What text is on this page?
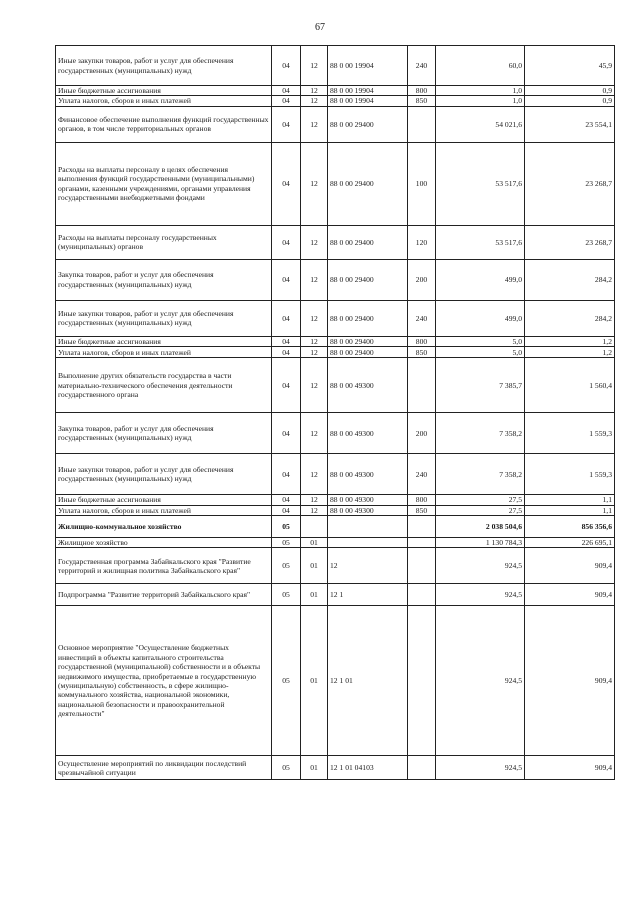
67
Иные закупки товаров, работ и услуг для обеспечения государственных (муниципальных) нужд	04	12	88 0 00 19904	240	60,0	45,9
Иные бюджетные ассигнования	04	12	88 0 00 19904	800	1,0	0,9
Уплата налогов, сборов и иных платежей	04	12	88 0 00 19904	850	1,0	0,9
Финансовое обеспечение выполнения функций государственных органов, в том числе территориальных органов	04	12	88 0 00 29400		54 021,6	23 554,1
Расходы на выплаты персоналу в целях обеспечения выполнения функций государственными (муниципальными) органами, казенными учреждениями, органами управления государственными внебюджетными фондами	04	12	88 0 00 29400	100	53 517,6	23 268,7
Расходы на выплаты персоналу государственных (муниципальных) органов	04	12	88 0 00 29400	120	53 517,6	23 268,7
Закупка товаров, работ и услуг для обеспечения государственных (муниципальных) нужд	04	12	88 0 00 29400	200	499,0	284,2
Иные закупки товаров, работ и услуг для обеспечения государственных (муниципальных) нужд	04	12	88 0 00 29400	240	499,0	284,2
Иные бюджетные ассигнования	04	12	88 0 00 29400	800	5,0	1,2
Уплата налогов, сборов и иных платежей	04	12	88 0 00 29400	850	5,0	1,2
Выполнение других обязательств государства в части материально-технического обеспечения деятельности государственного органа	04	12	88 0 00 49300		7 385,7	1 560,4
Закупка товаров, работ и услуг для обеспечения государственных (муниципальных) нужд	04	12	88 0 00 49300	200	7 358,2	1 559,3
Иные закупки товаров, работ и услуг для обеспечения государственных (муниципальных) нужд	04	12	88 0 00 49300	240	7 358,2	1 559,3
Иные бюджетные ассигнования	04	12	88 0 00 49300	800	27,5	1,1
Уплата налогов, сборов и иных платежей	04	12	88 0 00 49300	850	27,5	1,1
Жилищно-коммунальное хозяйство	05				2 038 504,6	856 356,6
Жилищное хозяйство	05	01			1 130 784,3	226 695,1
Государственная программа Забайкальского края "Развитие территорий и жилищная политика Забайкальского края"	05	01	12		924,5	909,4
Подпрограмма "Развитие территорий Забайкальского края"	05	01	12 1		924,5	909,4
Основное мероприятие "Осуществление бюджетных инвестиций в объекты капитального строительства государственной (муниципальной) собственности и в объекты недвижимого имущества, приобретаемые в государственную (муниципальную) собственность, в сфере жилищно-коммунального хозяйства, национальной экономики, национальной безопасности и правоохранительной деятельности"	05	01	12 1 01		924,5	909,4
Осуществление мероприятий по ликвидации последствий чрезвычайной ситуации	05	01	12 1 01 04103		924,5	909,4
